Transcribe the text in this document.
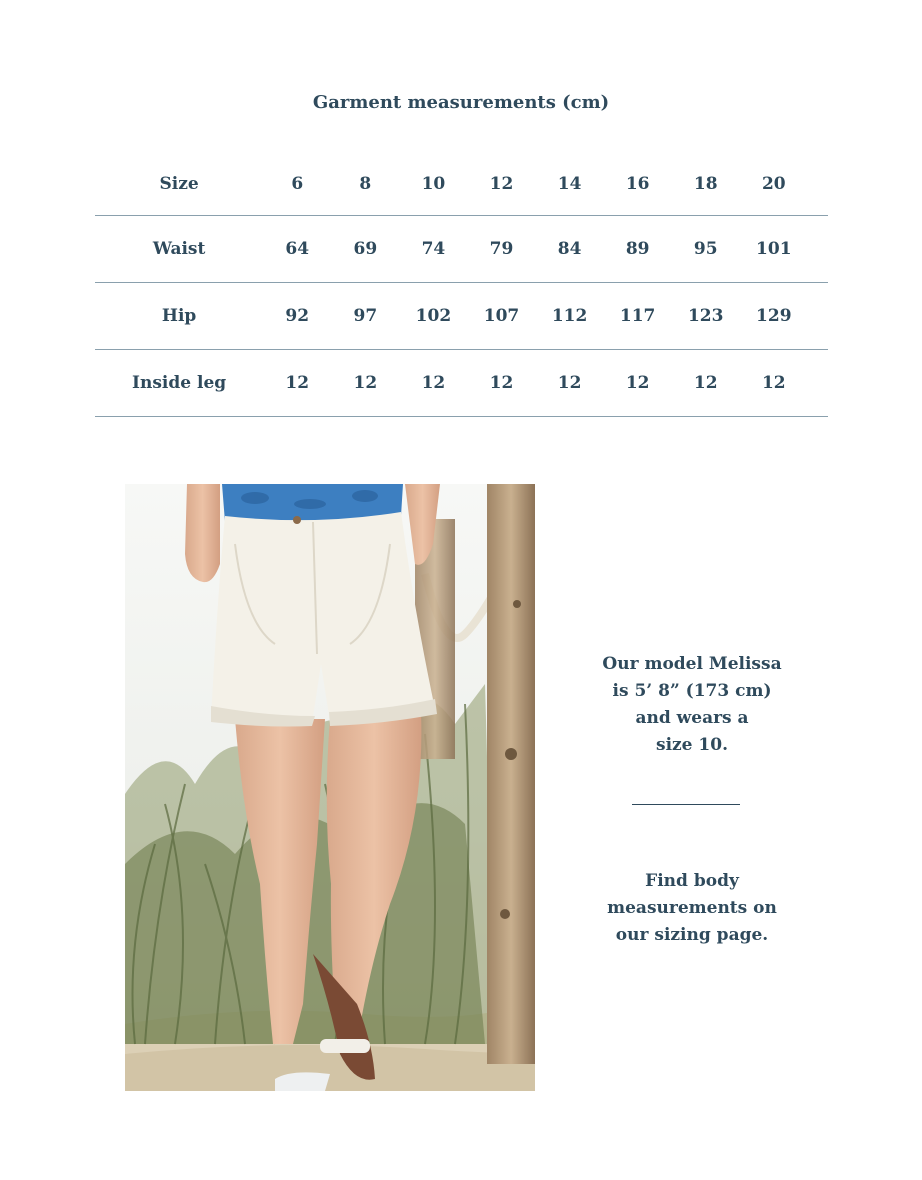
Garment measurements (cm)
Size	6	8	10	12	14	16	18	20	
Waist	64	69	74	79	84	89	95	101	
Hip	92	97	102	107	112	117	123	129	
Inside leg	12	12	12	12	12	12	12	12	
Our model Melissa
is 5’ 8” (173 cm)
and wears a
size 10.
Find body
measurements on
our sizing page.
